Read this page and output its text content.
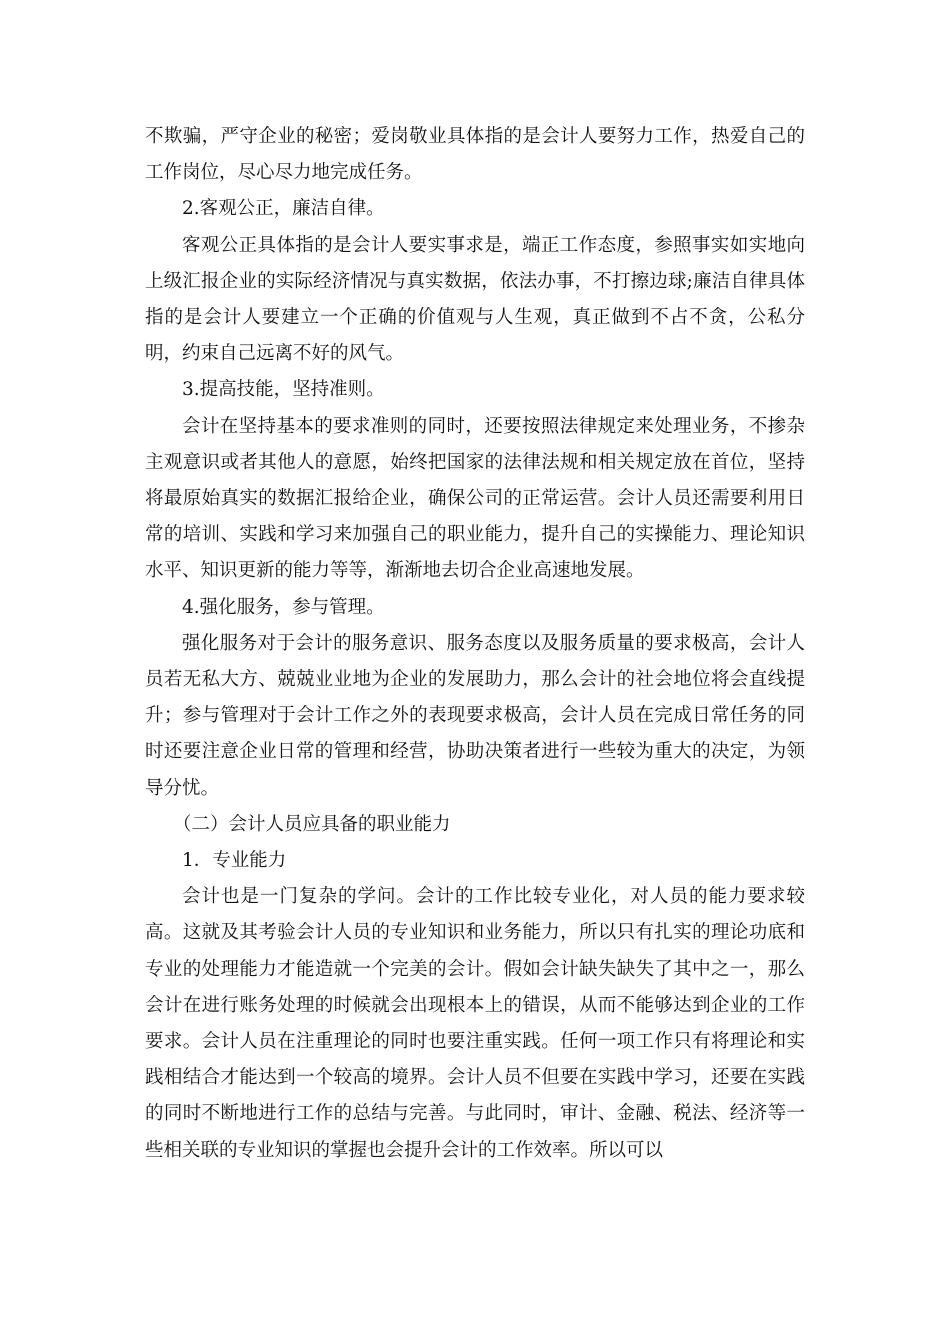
不欺骗，严守企业的秘密；爱岗敬业具体指的是会计人要努力工作，热爱自己的工作岗位，尽心尽力地完成任务。

2.客观公正，廉洁自律。

客观公正具体指的是会计人要实事求是，端正工作态度，参照事实如实地向上级汇报企业的实际经济情况与真实数据，依法办事，不打擦边球;廉洁自律具体指的是会计人要建立一个正确的价值观与人生观，真正做到不占不贪，公私分明，约束自己远离不好的风气。

3.提高技能，坚持准则。

会计在坚持基本的要求准则的同时，还要按照法律规定来处理业务，不掺杂主观意识或者其他人的意愿，始终把国家的法律法规和相关规定放在首位，坚持将最原始真实的数据汇报给企业，确保公司的正常运营。会计人员还需要利用日常的培训、实践和学习来加强自己的职业能力，提升自己的实操能力、理论知识水平、知识更新的能力等等，渐渐地去切合企业高速地发展。

4.强化服务，参与管理。

强化服务对于会计的服务意识、服务态度以及服务质量的要求极高，会计人员若无私大方、兢兢业业地为企业的发展助力，那么会计的社会地位将会直线提升；参与管理对于会计工作之外的表现要求极高，会计人员在完成日常任务的同时还要注意企业日常的管理和经营，协助决策者进行一些较为重大的决定，为领导分忧。

（二）会计人员应具备的职业能力

1．专业能力

会计也是一门复杂的学问。会计的工作比较专业化，对人员的能力要求较高。这就及其考验会计人员的专业知识和业务能力，所以只有扎实的理论功底和专业的处理能力才能造就一个完美的会计。假如会计缺失缺失了其中之一，那么会计在进行账务处理的时候就会出现根本上的错误，从而不能够达到企业的工作要求。会计人员在注重理论的同时也要注重实践。任何一项工作只有将理论和实践相结合才能达到一个较高的境界。会计人员不但要在实践中学习，还要在实践的同时不断地进行工作的总结与完善。与此同时，审计、金融、税法、经济等一些相关联的专业知识的掌握也会提升会计的工作效率。所以可以
